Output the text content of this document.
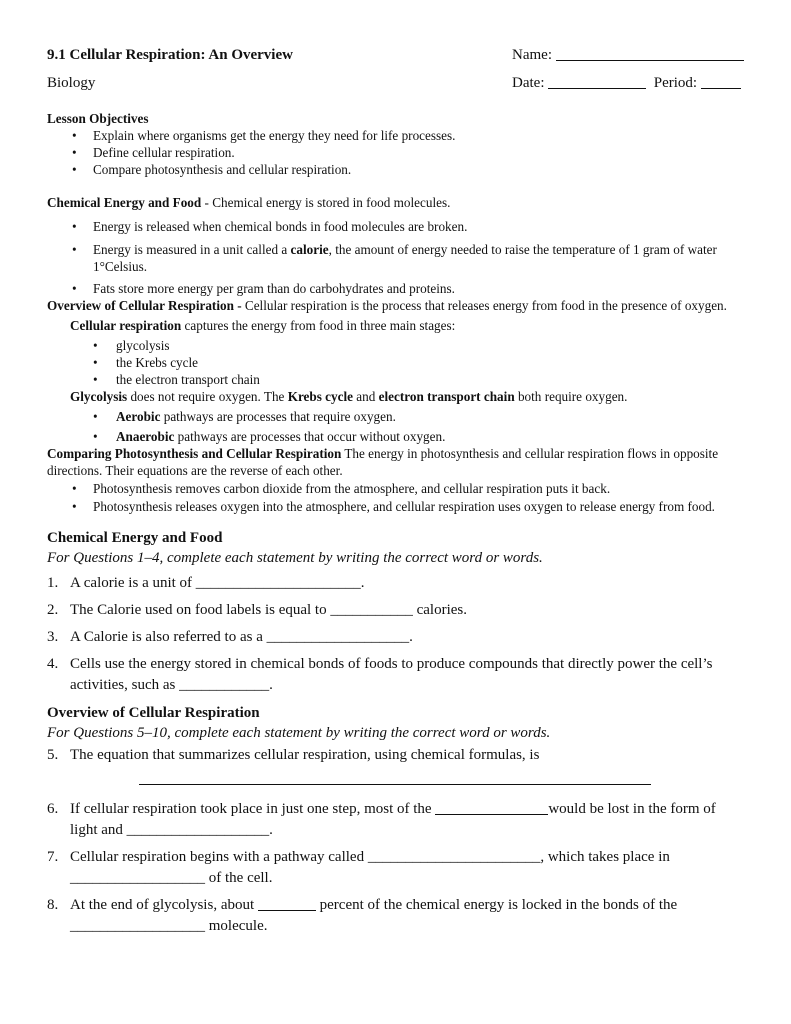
9.1 Cellular Respiration: An Overview
Biology
Name:
Date:	Period:
Lesson Objectives
• Explain where organisms get the energy they need for life processes.
• Define cellular respiration.
• Compare photosynthesis and cellular respiration.

Chemical Energy and Food - Chemical energy is stored in food molecules.

• Energy is released when chemical bonds in food molecules are broken.
• Energy is measured in a unit called a calorie, the amount of energy needed to raise the temperature of 1 gram of water 1°Celsius.
• Fats store more energy per gram than do carbohydrates and proteins.

Overview of Cellular Respiration - Cellular respiration is the process that releases energy from food in the presence of oxygen.

Cellular respiration captures the energy from food in three main stages:

• glycolysis
• the Krebs cycle
• the electron transport chain

Glycolysis does not require oxygen. The Krebs cycle and electron transport chain both require oxygen.

• Aerobic pathways are processes that require oxygen.
• Anaerobic pathways are processes that occur without oxygen.

Comparing Photosynthesis and Cellular Respiration The energy in photosynthesis and cellular respiration flows in opposite directions. Their equations are the reverse of each other.

• Photosynthesis removes carbon dioxide from the atmosphere, and cellular respiration puts it back.
• Photosynthesis releases oxygen into the atmosphere, and cellular respiration uses oxygen to release energy from food.
Chemical Energy and Food
For Questions 1–4, complete each statement by writing the correct word or words.
1. A calorie is a unit of ______________________.
2. The Calorie used on food labels is equal to ___________ calories.
3. A Calorie is also referred to as a ___________________.
4. Cells use the energy stored in chemical bonds of foods to produce compounds that directly power the cell’s activities, such as ____________.
Overview of Cellular Respiration
For Questions 5–10, complete each statement by writing the correct word or words.
5. The equation that summarizes cellular respiration, using chemical formulas, is
6. If cellular respiration took place in just one step, most of the	would be lost in the form of light and ___________________.
7. Cellular respiration begins with a pathway called _______________________, which takes place in __________________ of the cell.
8. At the end of glycolysis, about	percent of the chemical energy is locked in the bonds of the __________________ molecule.
